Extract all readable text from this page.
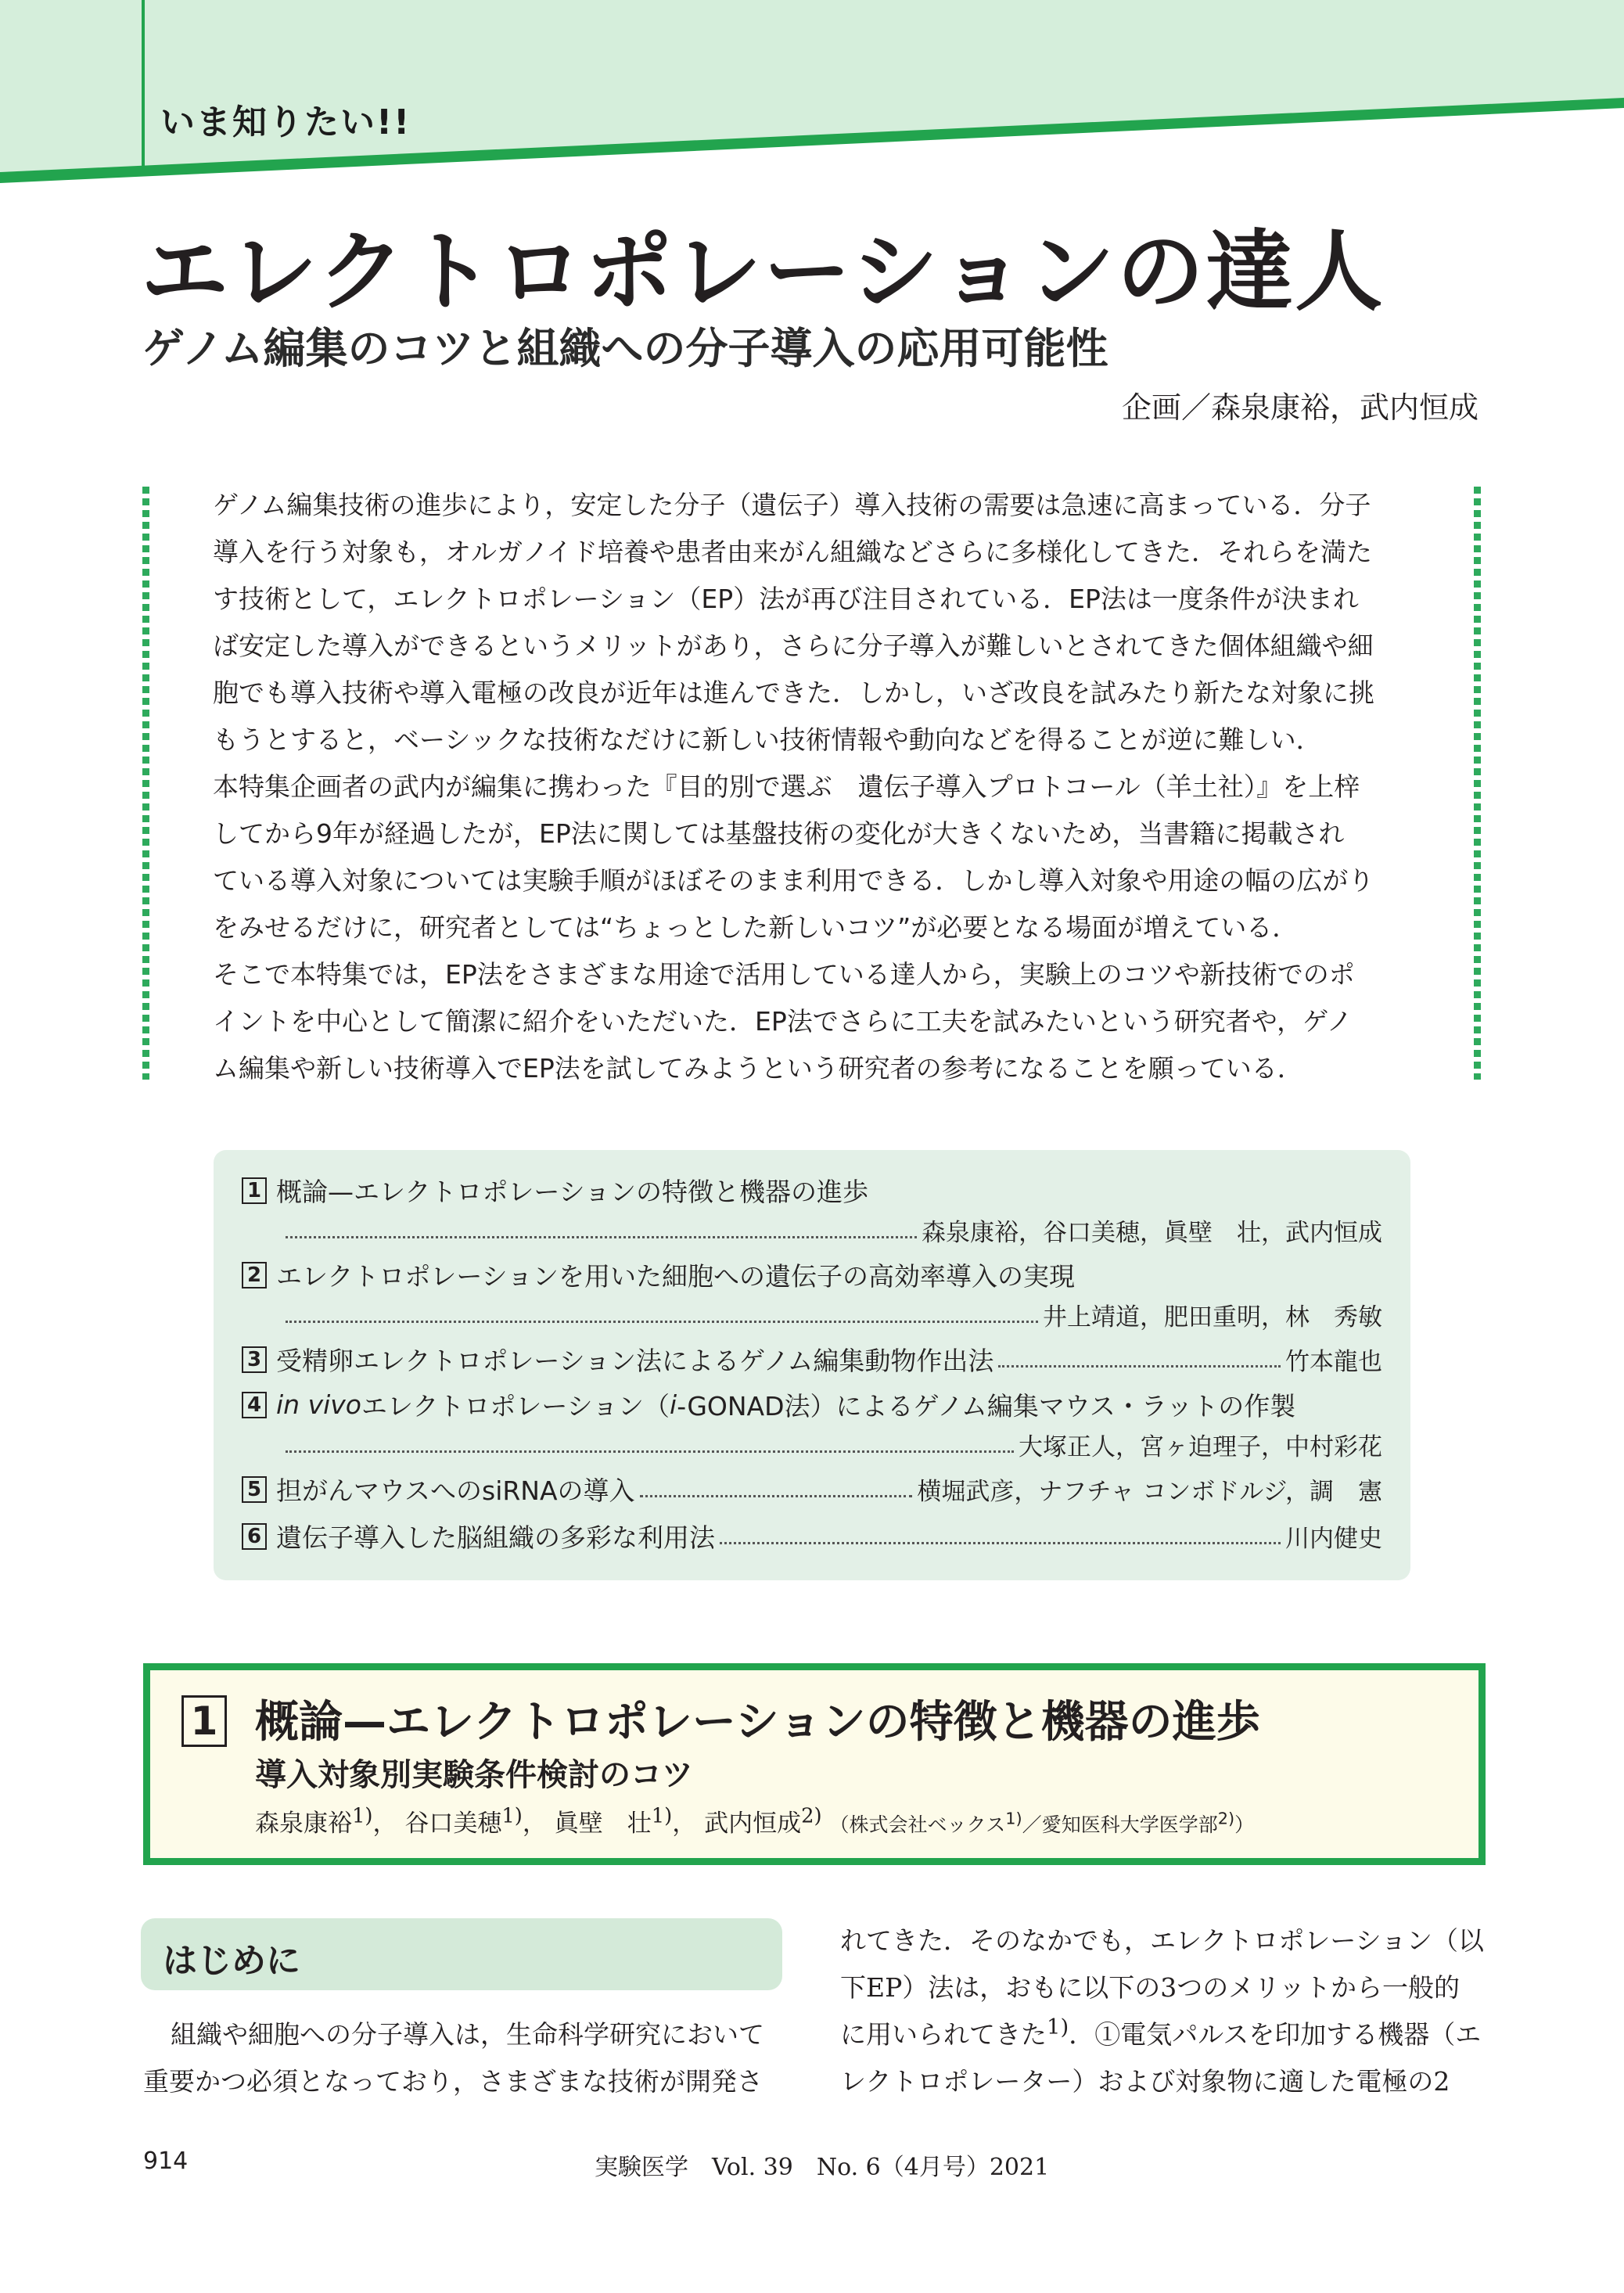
いま知りたい!!
エレクトロポレーションの達人
ゲノム編集のコツと組織への分子導入の応用可能性
企画／森泉康裕，武内恒成
ゲノム編集技術の進歩により，安定した分子（遺伝子）導入技術の需要は急速に高まっている．分子
導入を行う対象も，オルガノイド培養や患者由来がん組織などさらに多様化してきた．それらを満た
す技術として，エレクトロポレーション（EP）法が再び注目されている．EP法は一度条件が決まれ
ば安定した導入ができるというメリットがあり，さらに分子導入が難しいとされてきた個体組織や細
胞でも導入技術や導入電極の改良が近年は進んできた．しかし，いざ改良を試みたり新たな対象に挑
もうとすると，ベーシックな技術なだけに新しい技術情報や動向などを得ることが逆に難しい．
本特集企画者の武内が編集に携わった『目的別で選ぶ　遺伝子導入プロトコール（羊土社）』を上梓
してから9年が経過したが，EP法に関しては基盤技術の変化が大きくないため，当書籍に掲載され
ている導入対象については実験手順がほぼそのまま利用できる．しかし導入対象や用途の幅の広がり
をみせるだけに，研究者としては“ちょっとした新しいコツ”が必要となる場面が増えている．
そこで本特集では，EP法をさまざまな用途で活用している達人から，実験上のコツや新技術でのポ
イントを中心として簡潔に紹介をいただいた．EP法でさらに工夫を試みたいという研究者や，ゲノ
ム編集や新しい技術導入でEP法を試してみようという研究者の参考になることを願っている．
1 概論—エレクトロポレーションの特徴と機器の進歩
森泉康裕，谷口美穂，眞壁　壮，武内恒成
2 エレクトロポレーションを用いた細胞への遺伝子の高効率導入の実現
井上靖道，肥田重明，林　秀敏
3 受精卵エレクトロポレーション法によるゲノム編集動物作出法	竹本龍也
4 in vivo エレクトロポレーション（ i -GONAD法）によるゲノム編集マウス・ラットの作製
大塚正人，宮ヶ迫理子，中村彩花
5 担がんマウスへのsiRNAの導入	横堀武彦，ナフチャ コンボドルジ，調　憲
6 遺伝子導入した脳組織の多彩な利用法	川内健史
1 概論—エレクトロポレーションの特徴と機器の進歩
導入対象別実験条件検討のコツ
森泉康裕$^{1)}$， 谷口美穂$^{1)}$， 眞壁　壮$^{1)}$， 武内恒成$^{2)}$ （株式会社ベックス$^{1)}$／愛知医科大学医学部$^{2)}$）
はじめに
組織や細胞への分子導入は，生命科学研究において
重要かつ必須となっており，さまざまな技術が開発さ
れてきた．そのなかでも，エレクトロポレーション（以
下EP）法は，おもに以下の3つのメリットから一般的
に用いられてきた$^{1)}$．①電気パルスを印加する機器（エ
レクトロポレーター）および対象物に適した電極の2
914	実験医学　Vol. 39　No. 6（4月号）2021
